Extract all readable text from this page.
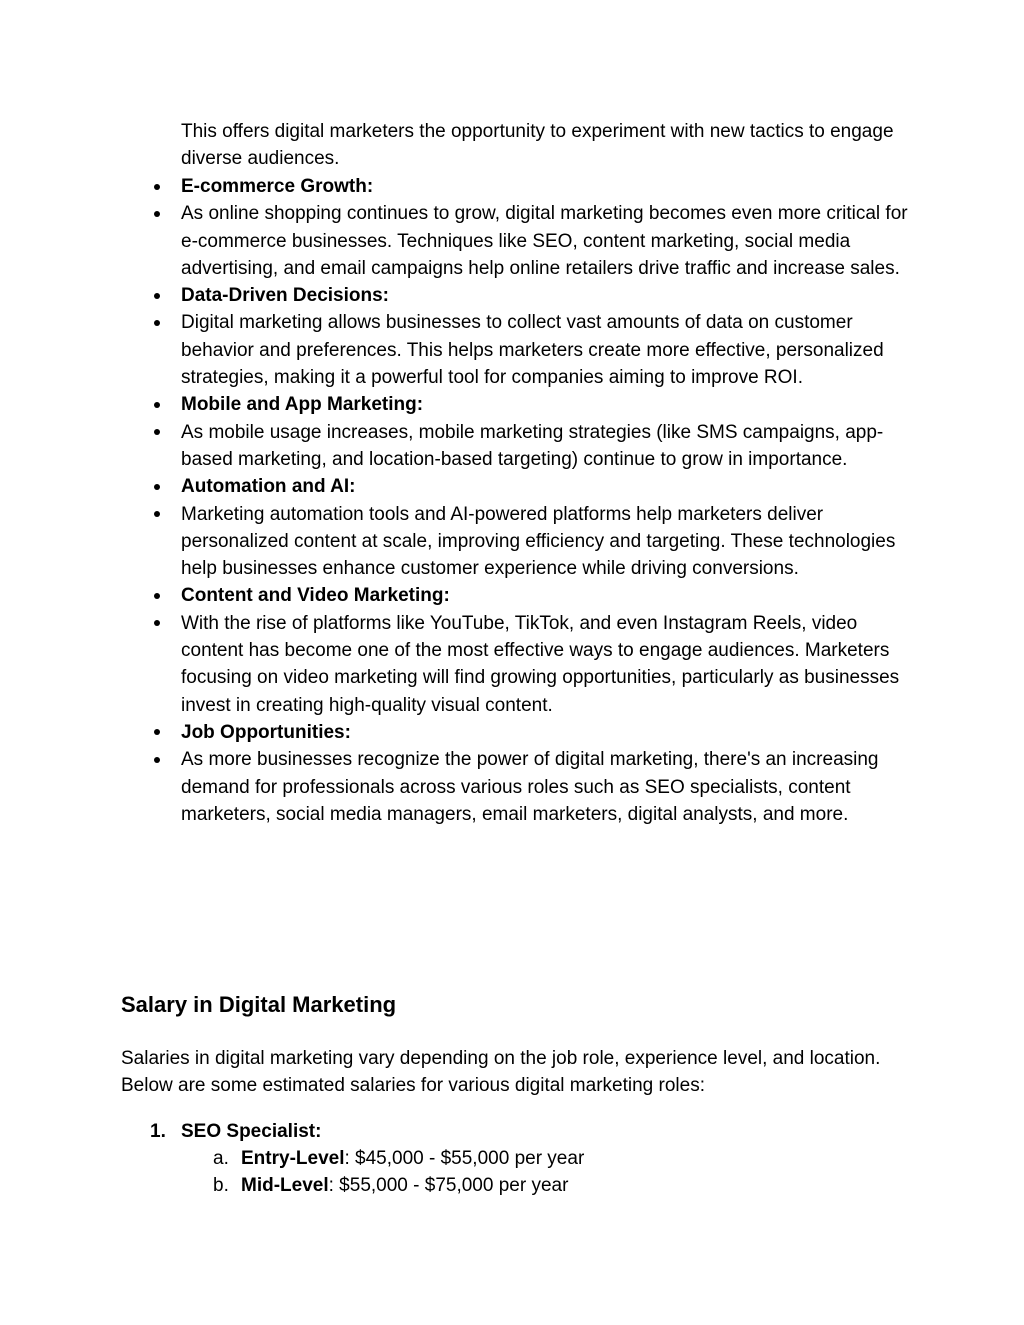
This offers digital marketers the opportunity to experiment with new tactics to engage diverse audiences.

E-commerce Growth:
As online shopping continues to grow, digital marketing becomes even more critical for e-commerce businesses. Techniques like SEO, content marketing, social media advertising, and email campaigns help online retailers drive traffic and increase sales.
Data-Driven Decisions:
Digital marketing allows businesses to collect vast amounts of data on customer behavior and preferences. This helps marketers create more effective, personalized strategies, making it a powerful tool for companies aiming to improve ROI.
Mobile and App Marketing:
As mobile usage increases, mobile marketing strategies (like SMS campaigns, app-based marketing, and location-based targeting) continue to grow in importance.
Automation and AI:
Marketing automation tools and AI-powered platforms help marketers deliver personalized content at scale, improving efficiency and targeting. These technologies help businesses enhance customer experience while driving conversions.
Content and Video Marketing:
With the rise of platforms like YouTube, TikTok, and even Instagram Reels, video content has become one of the most effective ways to engage audiences. Marketers focusing on video marketing will find growing opportunities, particularly as businesses invest in creating high-quality visual content.
Job Opportunities:
As more businesses recognize the power of digital marketing, there's an increasing demand for professionals across various roles such as SEO specialists, content marketers, social media managers, email marketers, digital analysts, and more.
Salary in Digital Marketing

Salaries in digital marketing vary depending on the job role, experience level, and location. Below are some estimated salaries for various digital marketing roles:

1. SEO Specialist:
a. Entry-Level: $45,000 - $55,000 per year
b. Mid-Level: $55,000 - $75,000 per year
